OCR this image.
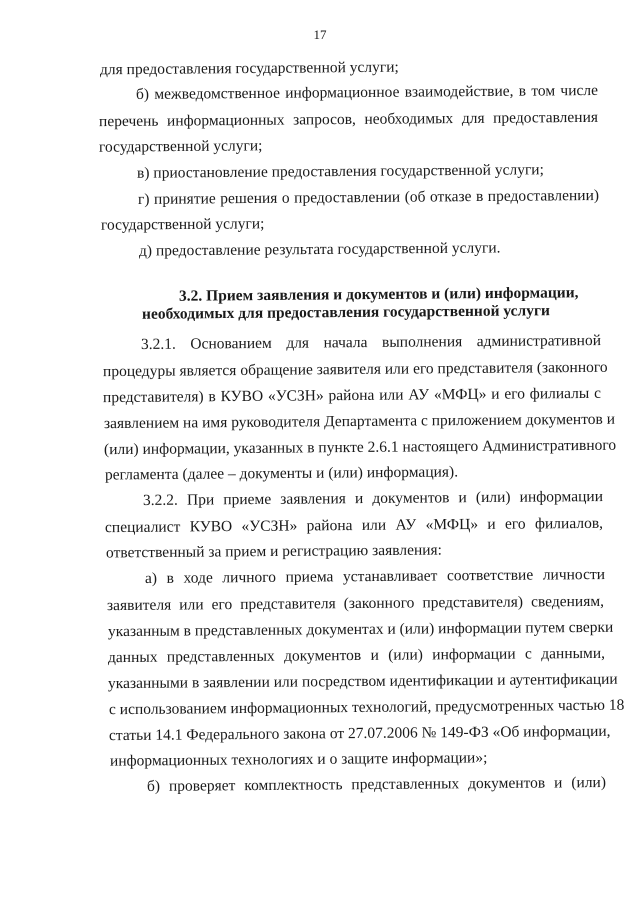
17
для предоставления государственной услуги;
б) межведомственное информационное взаимодействие, в том числе
перечень информационных запросов, необходимых для предоставления
государственной услуги;
в) приостановление предоставления государственной услуги;
г) принятие решения о предоставлении (об отказе в предоставлении)
государственной услуги;
д) предоставление результата государственной услуги.
3.2. Прием заявления и документов и (или) информации,
необходимых для предоставления государственной услуги
3.2.1. Основанием для начала выполнения административной
процедуры является обращение заявителя или его представителя (законного
представителя) в КУВО «УСЗН» района или АУ «МФЦ» и его филиалы с
заявлением на имя руководителя Департамента с приложением документов и
(или) информации, указанных в пункте 2.6.1 настоящего Административного
регламента (далее – документы и (или) информация).
3.2.2. При приеме заявления и документов и (или) информации
специалист КУВО «УСЗН» района или АУ «МФЦ» и его филиалов,
ответственный за прием и регистрацию заявления:
а) в ходе личного приема устанавливает соответствие личности
заявителя или его представителя (законного представителя) сведениям,
указанным в представленных документах и (или) информации путем сверки
данных представленных документов и (или) информации с данными,
указанными в заявлении или посредством идентификации и аутентификации
с использованием информационных технологий, предусмотренных частью 18
статьи 14.1 Федерального закона от 27.07.2006 № 149-ФЗ «Об информации,
информационных технологиях и о защите информации»;
б) проверяет комплектность представленных документов и (или)
